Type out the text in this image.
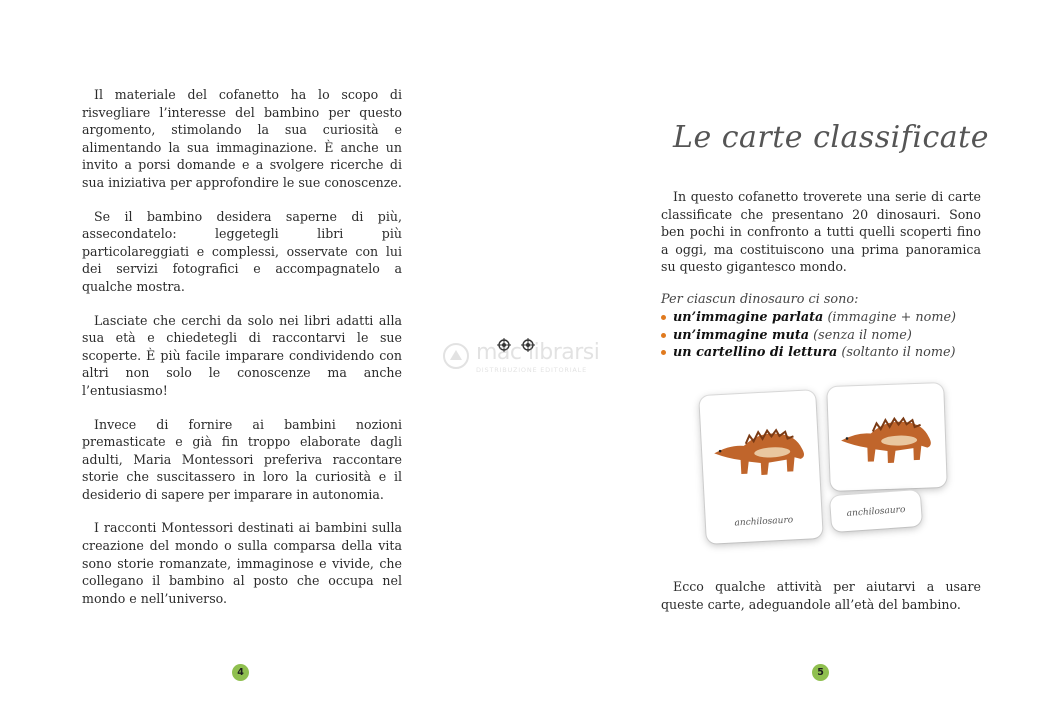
Il materiale del cofanetto ha lo scopo di risvegliare l’interesse del bambino per questo argomento, stimolando la sua curiosità e alimentando la sua immaginazione. È anche un invito a porsi domande e a svolgere ricerche di sua iniziativa per approfondire le sue conoscenze.

Se il bambino desidera saperne di più, assecondatelo: leggetegli libri più particolareggiati e complessi, osservate con lui dei servizi fotografici e accompagnatelo a qualche mostra.

Lasciate che cerchi da solo nei libri adatti alla sua età e chiedetegli di raccontarvi le sue scoperte. È più facile imparare condividendo con altri non solo le conoscenze ma anche l’entusiasmo!

Invece di fornire ai bambini nozioni premasticate e già fin troppo elaborate dagli adulti, Maria Montessori preferiva raccontare storie che suscitassero in loro la curiosità e il desiderio di sapere per imparare in autonomia.

I racconti Montessori destinati ai bambini sulla creazione del mondo o sulla comparsa della vita sono storie romanzate, immaginose e vivide, che collegano il bambino al posto che occupa nel mondo e nell’universo.

4
Le carte classificate

In questo cofanetto troverete una serie di carte classificate che presentano 20 dinosauri. Sono ben pochi in confronto a tutti quelli scoperti fino a oggi, ma costituiscono una prima panoramica su questo gigantesco mondo.

Per ciascun dinosauro ci sono:
un’immagine parlata (immagine + nome)
un’immagine muta (senza il nome)
un cartellino di lettura (soltanto il nome)
anchilosauro
anchilosauro

Ecco qualche attività per aiutarvi a usare queste carte, adeguandole all’età del bambino.

5
mac librarsi
DISTRIBUZIONE EDITORIALE
